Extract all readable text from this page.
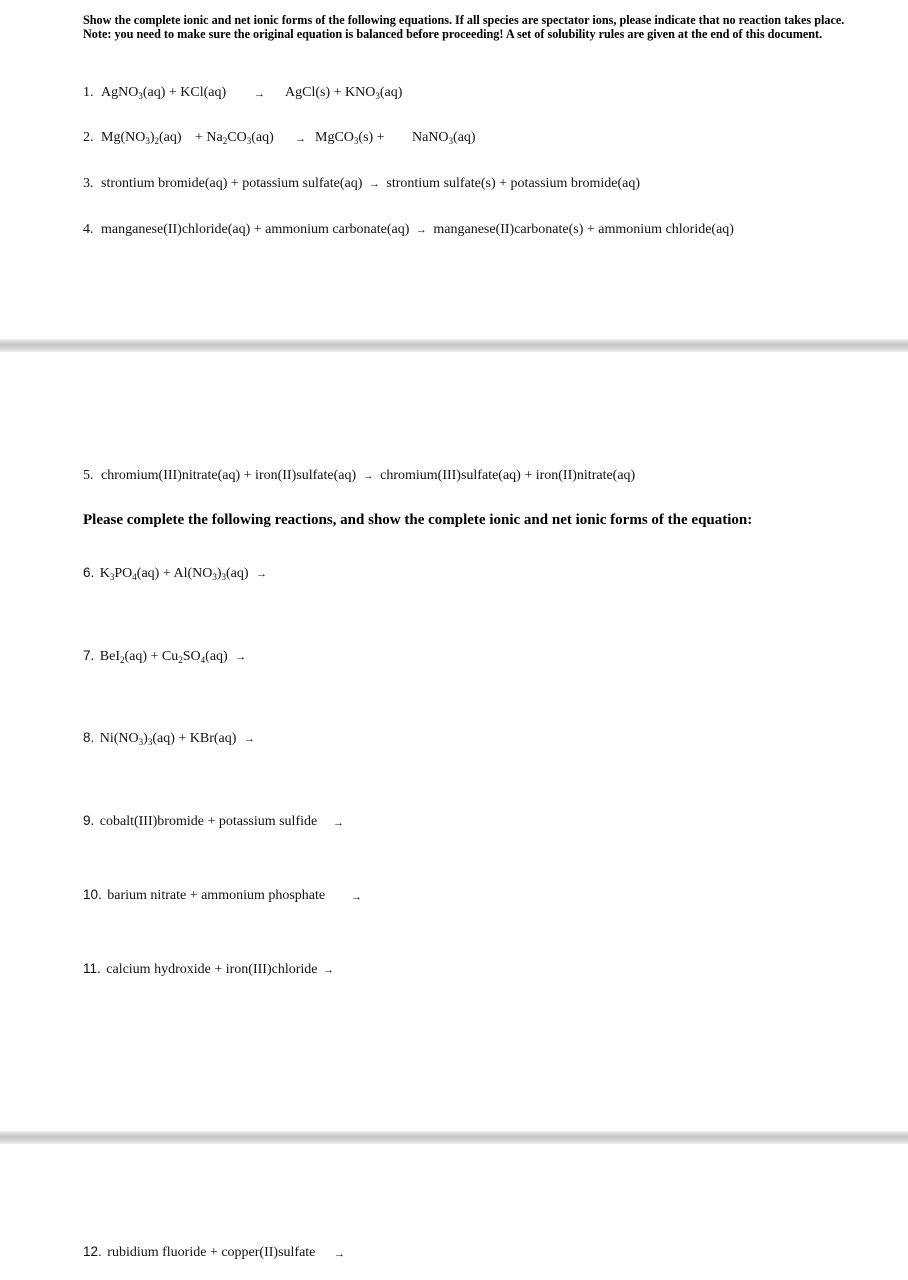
Show the complete ionic and net ionic forms of the following equations. If all species are spectator ions, please indicate that no reaction takes place. Note: you need to make sure the original equation is balanced before proceeding! A set of solubility rules are given at the end of this document.
1. AgNO$_3$(aq) + KCl(aq)	→ AgCl(s) + $KNO_3(aq)$
2. $Mg(NO_3)_2(aq) + Na_2CO_3(aq)$ → MgCO$_3$(s) + NaNO$_3$(aq)
3. strontium bromide(aq) + potassium sulfate(aq) → strontium sulfate(s) + potassium bromide(aq)
4. manganese(II)chloride(aq) + ammonium carbonate(aq) → manganese(II)carbonate(s) + ammonium chloride(aq)
5. chromium(III)nitrate(aq) + iron(II)sulfate(aq) → chromium(III)sulfate(aq) + iron(II)nitrate(aq)
Please complete the following reactions, and show the complete ionic and net ionic forms of the equation:
6. $K_3PO_4(aq) + Al(NO_3)_3(aq)$ →
7. $BeI_2(aq) + Cu_2SO_4(aq)$ →
8. $Ni(NO_3)_3(aq) + KBr(aq)$ →
9. cobalt(III)bromide + potassium sulfide →
10. barium nitrate + ammonium phosphate →
11. calcium hydroxide + iron(III)chloride →
12. rubidium fluoride + copper(II)sulfate →
